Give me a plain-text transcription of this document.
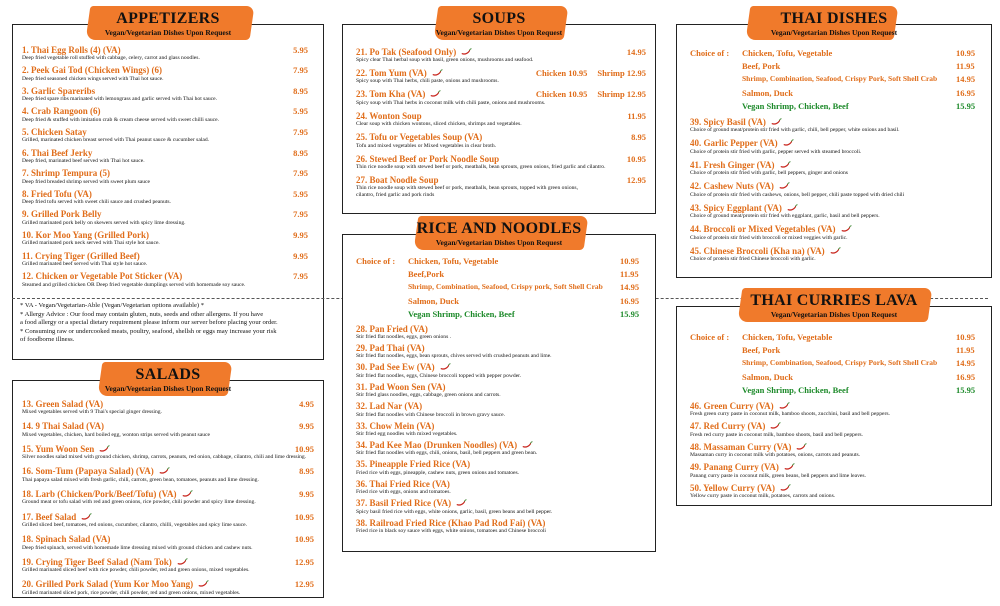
APPETIZERS
Vegan/Vegetarian Dishes Upon Request
1. Thai Egg Rolls (4) (VA)	5.95
Deep fried vegetable roll stuffed with cabbage, celery, carrot and glass noodles.
2. Peek Gai Tod (Chicken Wings) (6)	7.95
Deep fried seasoned chicken wings served with Thai hot sauce.
3. Garlic Spareribs	8.95
Deep fried spare ribs marinated with lemongrass and garlic served with Thai hot sauce.
4. Crab Rangoon (6)	5.95
Deep fried & stuffed with imitation crab & cream cheese served with sweet chilli sauce.
5. Chicken Satay	7.95
Grilled, marinated chicken breast served with Thai peanut sauce & cucumber salad.
6. Thai Beef Jerky	8.95
Deep fried, marinated beef served with Thai hot sauce.
7. Shrimp Tempura (5)	7.95
Deep fried breaded shrimp served with sweet plum sauce
8. Fried Tofu (VA)	5.95
Deep fried tofu served with sweet chili sauce and crushed peanuts.
9. Grilled Pork Belly	7.95
Grilled marinated pork belly on skewers served with spicy lime dressing.
10. Kor Moo Yang (Grilled Pork)	9.95
Grilled marinated pork neck served with Thai style hot sauce.
11. Crying Tiger (Grilled Beef)	9.95
Grilled marinated beef served with Thai style hot sauce.
12. Chicken or Vegetable Pot Sticker (VA)	7.95
Steamed and grilled chicken OR Deep fried vegetable dumplings served with homemade soy sauce.
* VA - Vegan/Vegetarian-Able (Vegan/Vegetarian options available) *
* Allergy Advice : Our food may contain gluten, nuts, seeds and other allergens. If you have
a food allergy or a special dietary requirement please inform our server before placing your order.
* Consuming raw or undercooked meats, poultry, seafood, shellsh or eggs may increase your risk
of foodborne illness.
SALADS
Vegan/Vegetarian Dishes Upon Request
13. Green Salad (VA)	4.95
Mixed vegetables served with 9 Thai's special ginger dressing.
14. 9 Thai Salad (VA)	9.95
Mixed vegetables, chicken, hard boiled egg, wonton strips served with peanut sauce
15. Yum Woon Sen	10.95
Silver noodles salad mixed with ground chicken, shrimp, carrots, peanuts, red onion, cabbage, cilantro, chili and lime dressing.
16. Som-Tum (Papaya Salad) (VA)	8.95
Thai papaya salad mixed with fresh garlic, chili, carrots, green bean, tomatoes, peanuts and lime dressing.
18. Larb (Chicken/Pork/Beef/Tofu) (VA)	9.95
Ground meat or tofu salad with red and green onions, rice powder, chili powder and spicy lime dressing.
17. Beef Salad	10.95
Grilled sliced beef, tomatoes, red onions, cucumber, cilantro, chilli, vegetables and spicy lime sauce.
18. Spinach Salad (VA)	10.95
Deep fried spinach, served with homemade lime dressing mixed with ground chicken and cashew nuts.
19. Crying Tiger Beef Salad (Nam Tok)	12.95
Grilled marinated sliced beef with rice powder, chili powder, red and green onions, mixed vegetables.
20. Grilled Pork Salad (Yum Kor Moo Yang)	12.95
Grilled marinated sliced pork, rice powder, chili powder, red and green onions, mixed vegetables.
SOUPS
Vegan/Vegetarian Dishes Upon Request
21. Po Tak (Seafood Only)	14.95
Spicy clear Thai herbal soup with basil, green onions, mushrooms and seafood.
22. Tom Yum (VA)	Chicken 10.95 Shrimp 12.95
Spicy soup with Thai herbs, chili paste, onions and mushrooms.
23. Tom Kha (VA)	Chicken 10.95 Shrimp 12.95
Spicy soup with Thai herbs in coconut milk with chili paste, onions and mushrooms.
24. Wonton Soup	11.95
Clear soup with chicken wontons, sliced chicken, shrimps and vegetables.
25. Tofu or Vegetables Soup (VA)	8.95
Tofu and mixed vegetables or Mixed vegetables in clear broth.
26. Stewed Beef or Pork Noodle Soup	10.95
Thin rice noodle soup with stewed beef or pork, meatballs, bean sprouts, green onions, fried garlic and cilantro.
27. Boat Noodle Soup	12.95
Thin rice noodle soup with stewed beef or pork, meatballs, bean sprouts, topped with green onions,
cilantro, fried garlic and pork rinds
RICE AND NOODLES
Vegan/Vegetarian Dishes Upon Request
Choice of :	Chicken, Tofu, Vegetable	10.95
Beef,Pork	11.95
Shrimp, Combination, Seafood, Crispy pork, Soft Shell Crab	14.95
Salmon, Duck	16.95
Vegan Shrimp, Chicken, Beef	15.95
28. Pan Fried (VA)
Stir fried flat noodles, eggs, green onions .
29. Pad Thai (VA)
Stir fried flat noodles, eggs, bean sprouts, chives served with crushed peanuts and lime.
30. Pad See Ew (VA)
Stir fried flat noodles, eggs, Chinese broccoli topped with pepper powder.
31. Pad Woon Sen (VA)
Stir fried glass noodles, eggs, cabbage, green onions and carrots.
32. Lad Nar (VA)
Stir fried flat noodles with Chinese broccoli in brown gravy sauce.
33. Chow Mein (VA)
Stir fried egg noodles with mixed vegetables.
34. Pad Kee Mao (Drunken Noodles) (VA)
Stir fried flat noodles with eggs, chili, onions, basil, bell peppers and green bean.
35. Pineapple Fried Rice (VA)
Fried rice with eggs, pineapple, cashew nuts, green onions and tomatoes.
36. Thai Fried Rice (VA)
Fried rice with eggs, onions and tomatoes.
37. Basil Fried Rice (VA)
Spicy basil fried rice with eggs, white onions, garlic, basil, green beans and bell pepper.
38. Railroad Fried Rice (Khao Pad Rod Fai) (VA)
Fried rice in black soy sauce with eggs, white onions, tomatoes and Chinese broccoli
THAI DISHES
Vegan/Vegetarian Dishes Upon Request
Choice of :	Chicken, Tofu, Vegetable	10.95
Beef, Pork	11.95
Shrimp, Combination, Seafood, Crispy Pork, Soft Shell Crab	14.95
Salmon, Duck	16.95
Vegan Shrimp, Chicken, Beef	15.95
39. Spicy Basil (VA)
Choice of ground meat/protein stir fried with garlic, chili, bell pepper, white onions and basil.
40. Garlic Pepper (VA)
Choice of protein stir fried with garlic, pepper served with steamed broccoli.
41. Fresh Ginger (VA)
Choice of protein stir fried with garlic, bell peppers, ginger and onions
42. Cashew Nuts (VA)
Choice of protein stir fried with cashews, onions, bell pepper, chili paste topped with dried chili
43. Spicy Eggplant (VA)
Choice of ground meat/protein stir fried with eggplant, garlic, basil and bell peppers.
44. Broccoli or Mixed Vegetables (VA)
Choice of protein stir fried with broccoli or mixed veggies with garlic.
45. Chinese Broccoli (Kha na) (VA)
Choice of protein stir fried Chinese broccoli with garlic.
THAI CURRIES LAVA
Vegan/Vegetarian Dishes Upon Request
Choice of :	Chicken, Tofu, Vegetable	10.95
Beef, Pork	11.95
Shrimp, Combination, Seafood, Crispy Pork, Soft Shell Crab	14.95
Salmon, Duck	16.95
Vegan Shrimp, Chicken, Beef	15.95
46. Green Curry (VA)
Fresh green curry paste in coconut milk, bamboo shoots, zucchini, basil and bell peppers.
47. Red Curry (VA)
Fresh red curry paste in coconut milk, bamboo shoots, basil and bell peppers.
48. Massaman Curry (VA)
Massaman curry in coconut milk with potatoes, onions, carrots and peanuts.
49. Panang Curry (VA)
Panang curry paste in coconut milk, green beans, bell peppers and lime leaves.
50. Yellow Curry (VA)
Yellow curry paste in coconut milk, potatoes, carrots and onions.
